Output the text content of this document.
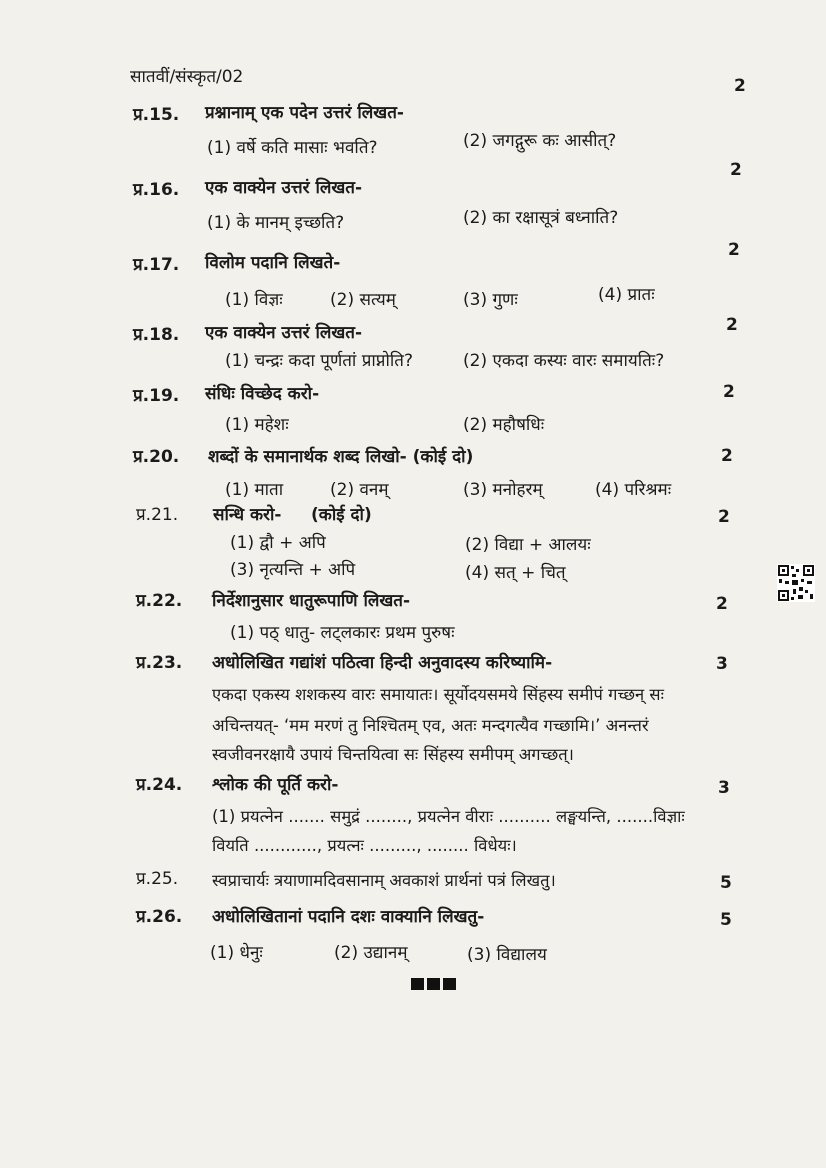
सातवीं/संस्कृत/02	2
प्र.15. प्रश्नानाम् एक पदेन उत्तरं लिखत-
(1) वर्षे कति मासाः भवति?	(2) जगद्गुरू कः आसीत्?
2
प्र.16. एक वाक्येन उत्तरं लिखत-
(1) के मानम् इच्छति?	(2) का रक्षासूत्रं बध्नाति?
2
प्र.17. विलोम पदानि लिखते-
(1) विज्ञः	(2) सत्यम्	(3) गुणः	(4) प्रातः
2
प्र.18. एक वाक्येन उत्तरं लिखत-
(1) चन्द्रः कदा पूर्णतां प्राप्नोति?	(2) एकदा कस्यः वारः समायतिः?
2
प्र.19. संधिः विच्छेद करो-
(1) महेशः	(2) महौषधिः
2
प्र.20. शब्दों के समानार्थक शब्द लिखो- (कोई दो)
(1) माता	(2) वनम्	(3) मनोहरम्	(4) परिश्रमः
2
प्र.21. सन्धि करो-     (कोई दो)
(1) द्वौ + अपि	(2) विद्या + आलयः
(3) नृत्यन्ति + अपि	(4) सत् + चित्
2
प्र.22. निर्देशानुसार धातुरूपाणि लिखत-
(1) पठ् धातु- लट्लकारः प्रथम पुरुषः
3
प्र.23. अधोलिखित गद्यांशं पठित्वा हिन्दी अनुवादस्य करिष्यामि-
एकदा एकस्य शशकस्य वारः समायातः। सूर्योदयसमये सिंहस्य समीपं गच्छन् सः
अचिन्तयत्- ‘मम मरणं तु निश्चितम् एव, अतः मन्दगत्यैव गच्छामि।’ अनन्तरं
स्वजीवनरक्षायै उपायं चिन्तयित्वा सः सिंहस्य समीपम् अगच्छत्।
3
प्र.24. श्लोक की पूर्ति करो-
(1) प्रयत्नेन ....... समुद्रं ........, प्रयत्नेन वीराः .......... लङ्घयन्ति, .......विज्ञाः
वियति ............, प्रयत्नः ........., ........ विधेयः।
5
प्र.25. स्वप्राचार्यः त्रयाणामदिवसानाम् अवकाशं प्रार्थनां पत्रं लिखतु।
5
प्र.26. अधोलिखितानां पदानि दशः वाक्यानि लिखतु-
(1) धेनुः	(2) उद्यानम्	(3) विद्यालय
